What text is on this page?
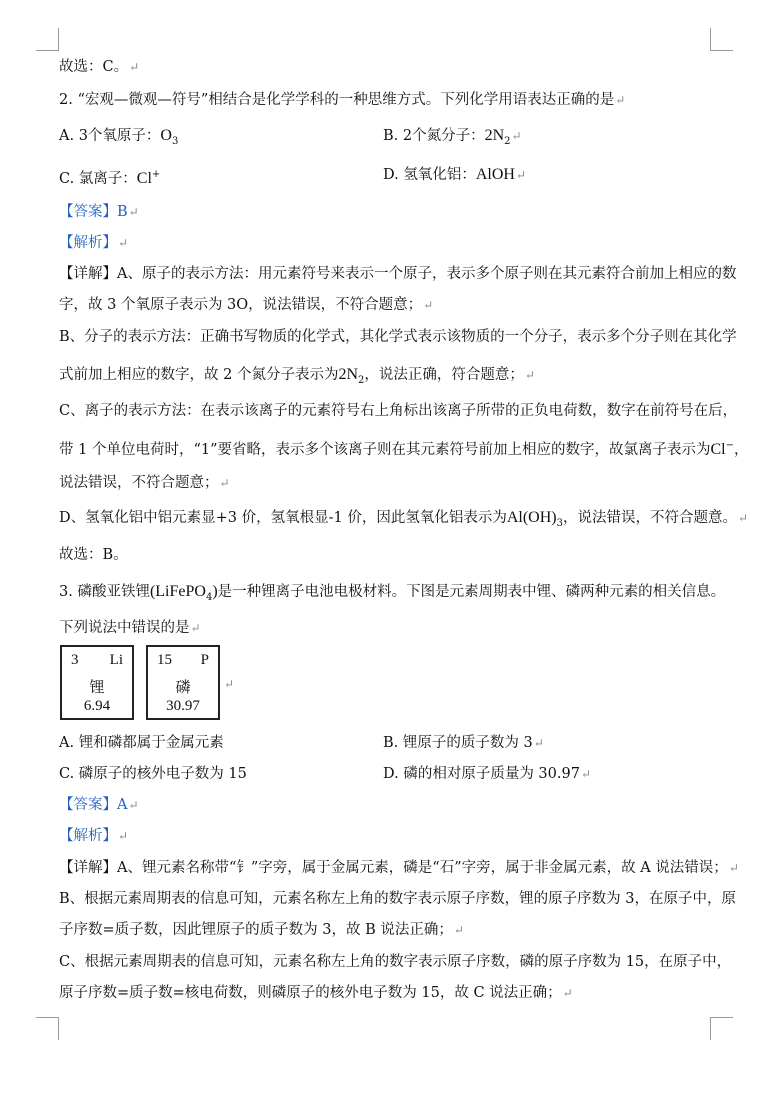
故选：C。↵
2. “宏观—微观—符号”相结合是化学学科的一种思维方式。下列化学用语表达正确的是↵
A. 3个氧原子：$O_3$	B. 2个氮分子：$2N_2↵$
C. 氯离子：Cl+	D. 氢氧化铝：AlOH↵
【答案】B↵
【解析】↵
【详解】A、原子的表示方法：用元素符号来表示一个原子，表示多个原子则在其元素符合前加上相应的数
字，故 3 个氧原子表示为 3O，说法错误，不符合题意；↵
B、分子的表示方法：正确书写物质的化学式，其化学式表示该物质的一个分子，表示多个分子则在其化学
式前加上相应的数字，故 2 个氮分子表示为$2N_2$，说法正确，符合题意；↵
C、离子的表示方法：在表示该离子的元素符号右上角标出该离子所带的正负电荷数，数字在前符号在后，
带 1 个单位电荷时，“1”要省略，表示多个该离子则在其元素符号前加上相应的数字，故氯离子表示为Cl−，
说法错误，不符合题意；↵
D、氢氧化铝中铝元素显+3 价，氢氧根显-1 价，因此氢氧化铝表示为$Al(OH)_3$，说法错误，不符合题意。↵
故选：B。
3. 磷酸亚铁锂(LiFePO$_4$)是一种锂离子电池电极材料。下图是元素周期表中锂、磷两种元素的相关信息。
下列说法中错误的是↵
3 Li
锂
6.94
15 P
磷
30.97
↵
A. 锂和磷都属于金属元素	B. 锂原子的质子数为 3↵
C. 磷原子的核外电子数为 15	D. 磷的相对原子质量为 30.97↵
【答案】A↵
【解析】↵
【详解】A、锂元素名称带“钅”字旁，属于金属元素，磷是“石”字旁，属于非金属元素，故 A 说法错误；↵
B、根据元素周期表的信息可知，元素名称左上角的数字表示原子序数，锂的原子序数为 3，在原子中，原
子序数=质子数，因此锂原子的质子数为 3，故 B 说法正确；↵
C、根据元素周期表的信息可知，元素名称左上角的数字表示原子序数，磷的原子序数为 15，在原子中，
原子序数=质子数=核电荷数，则磷原子的核外电子数为 15，故 C 说法正确；↵
